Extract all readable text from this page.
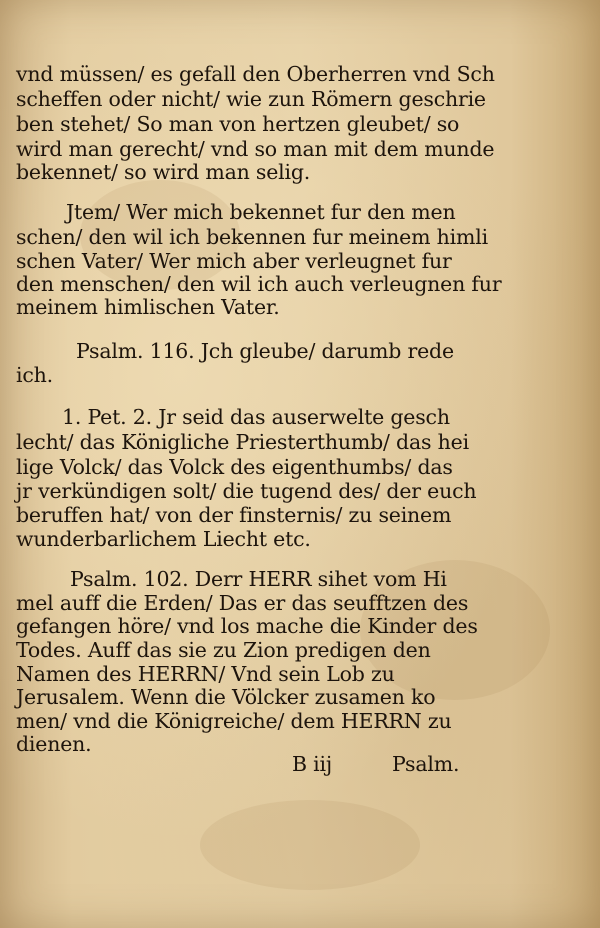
vnd müssen/ es gefall den Oberherren vnd Sch
scheffen oder nicht/ wie zun Römern geschrie
ben stehet/ So man von hertzen gleubet/ so
wird man gerecht/ vnd so man mit dem munde
bekennet/ so wird man selig.
Jtem/ Wer mich bekennet fur den men
schen/ den wil ich bekennen fur meinem himli
schen Vater/ Wer mich aber verleugnet fur
den menschen/ den wil ich auch verleugnen fur
meinem himlischen Vater.
Psalm. 116. Jch gleube/ darumb rede
ich.
1. Pet. 2. Jr seid das auserwelte gesch
lecht/ das Königliche Priesterthumb/ das hei
lige Volck/ das Volck des eigenthumbs/ das
jr verkündigen solt/ die tugend des/ der euch
beruffen hat/ von der finsternis/ zu seinem
wunderbarlichem Liecht etc.
Psalm. 102. Derr HERR sihet vom Hi
mel auff die Erden/ Das er das seufftzen des
gefangen höre/ vnd los mache die Kinder des
Todes. Auff das sie zu Zion predigen den
Namen des HERRN/ Vnd sein Lob zu
Jerusalem. Wenn die Völcker zusamen ko
men/ vnd die Königreiche/ dem HERRN zu
dienen.
B iij	Psalm.
